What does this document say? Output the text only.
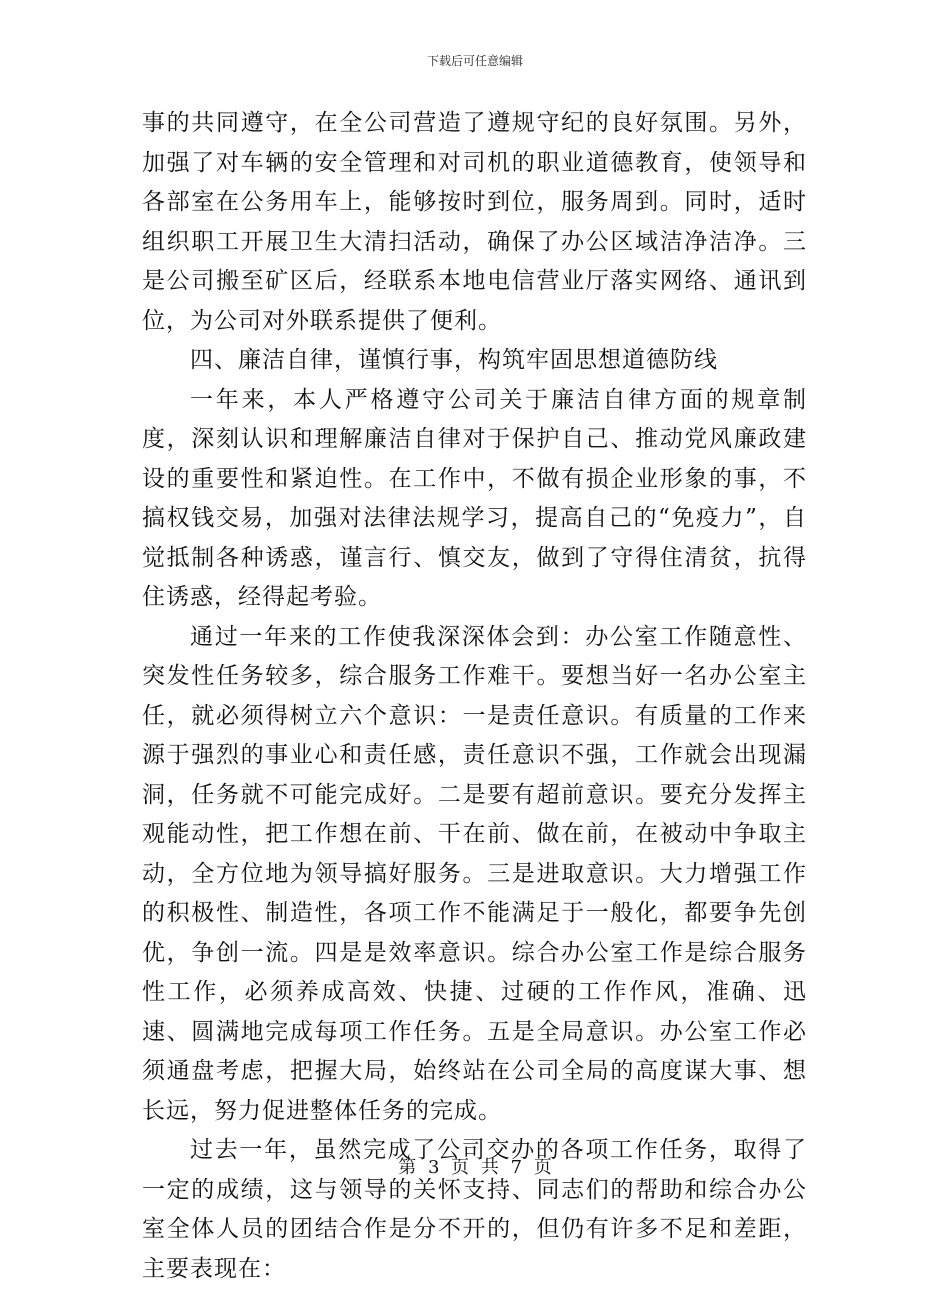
下载后可任意编辑

事的共同遵守，在全公司营造了遵规守纪的良好氛围。另外，加强了对车辆的安全管理和对司机的职业道德教育，使领导和各部室在公务用车上，能够按时到位，服务周到。同时，适时组织职工开展卫生大清扫活动，确保了办公区域洁净洁净。三是公司搬至矿区后，经联系本地电信营业厅落实网络、通讯到位，为公司对外联系提供了便利。

四、廉洁自律，谨慎行事，构筑牢固思想道德防线

一年来，本人严格遵守公司关于廉洁自律方面的规章制度，深刻认识和理解廉洁自律对于保护自己、推动党风廉政建设的重要性和紧迫性。在工作中，不做有损企业形象的事，不搞权钱交易，加强对法律法规学习，提高自己的“免疫力”，自觉抵制各种诱惑，谨言行、慎交友，做到了守得住清贫，抗得住诱惑，经得起考验。

通过一年来的工作使我深深体会到：办公室工作随意性、突发性任务较多，综合服务工作难干。要想当好一名办公室主任，就必须得树立六个意识：一是责任意识。有质量的工作来源于强烈的事业心和责任感，责任意识不强，工作就会出现漏洞，任务就不可能完成好。二是要有超前意识。要充分发挥主观能动性，把工作想在前、干在前、做在前，在被动中争取主动，全方位地为领导搞好服务。三是进取意识。大力增强工作的积极性、制造性，各项工作不能满足于一般化，都要争先创优，争创一流。四是是效率意识。综合办公室工作是综合服务性工作，必须养成高效、快捷、过硬的工作作风，准确、迅速、圆满地完成每项工作任务。五是全局意识。办公室工作必须通盘考虑，把握大局，始终站在公司全局的高度谋大事、想长远，努力促进整体任务的完成。

过去一年，虽然完成了公司交办的各项工作任务，取得了一定的成绩，这与领导的关怀支持、同志们的帮助和综合办公室全体人员的团结合作是分不开的，但仍有许多不足和差距，主要表现在：

第 3 页 共 7 页
